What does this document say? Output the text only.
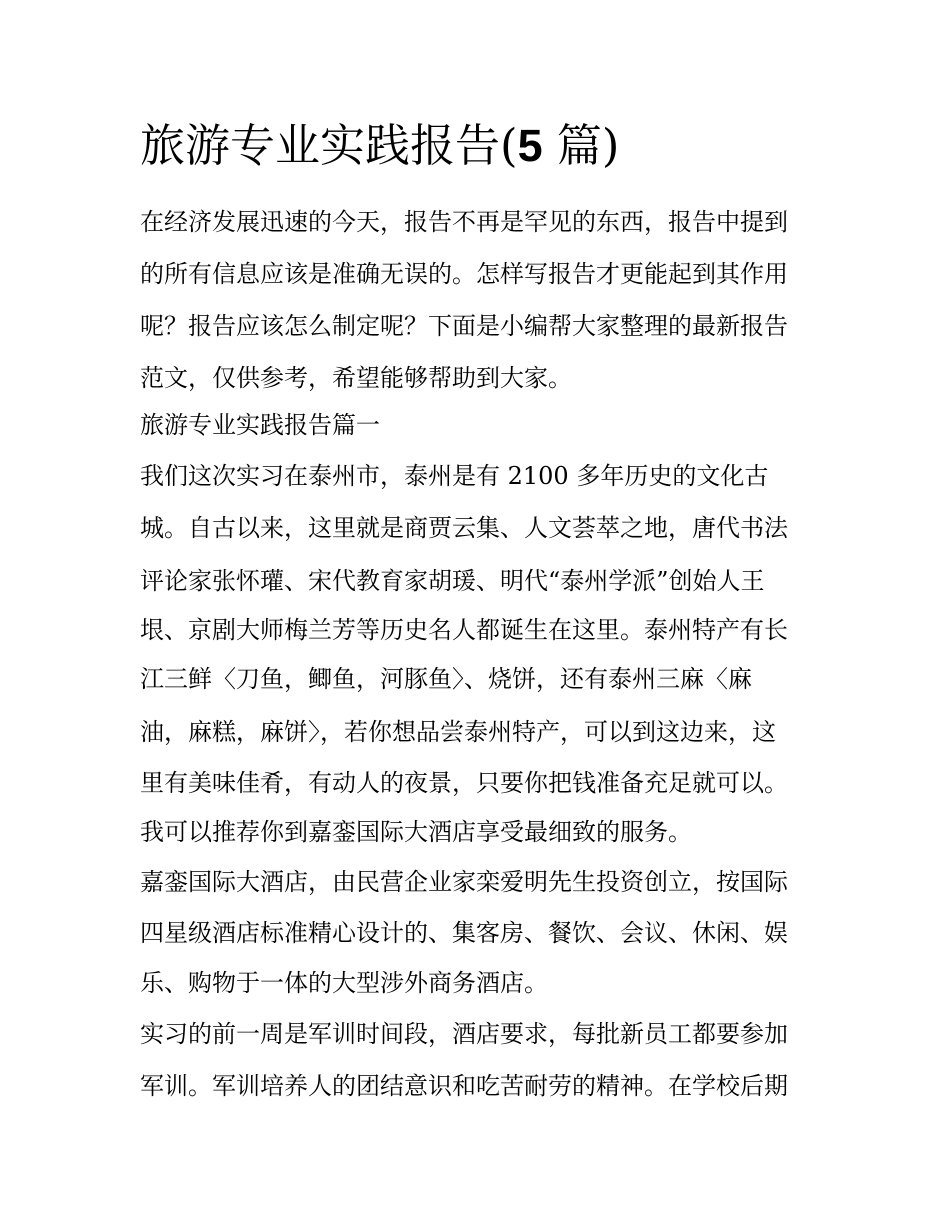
旅游专业实践报告(5 篇)

在经济发展迅速的今天，报告不再是罕见的东西，报告中提到

的所有信息应该是准确无误的。怎样写报告才更能起到其作用

呢？报告应该怎么制定呢？下面是小编帮大家整理的最新报告

范文，仅供参考，希望能够帮助到大家。

旅游专业实践报告篇一

我们这次实习在泰州市，泰州是有 2100 多年历史的文化古

城。自古以来，这里就是商贾云集、人文荟萃之地，唐代书法

评论家张怀瓘、宋代教育家胡瑗、明代“泰州学派”创始人王

垠、京剧大师梅兰芳等历史名人都诞生在这里。泰州特产有长

江三鲜〈刀鱼，鲫鱼，河豚鱼〉、烧饼，还有泰州三麻〈麻

油，麻糕，麻饼〉，若你想品尝泰州特产，可以到这边来，这

里有美味佳肴，有动人的夜景，只要你把钱准备充足就可以。

我可以推荐你到嘉銮国际大酒店享受最细致的服务。

嘉銮国际大酒店，由民营企业家栾爱明先生投资创立，按国际

四星级酒店标准精心设计的、集客房、餐饮、会议、休闲、娱

乐、购物于一体的大型涉外商务酒店。

实习的前一周是军训时间段，酒店要求，每批新员工都要参加

军训。军训培养人的团结意识和吃苦耐劳的精神。在学校后期
